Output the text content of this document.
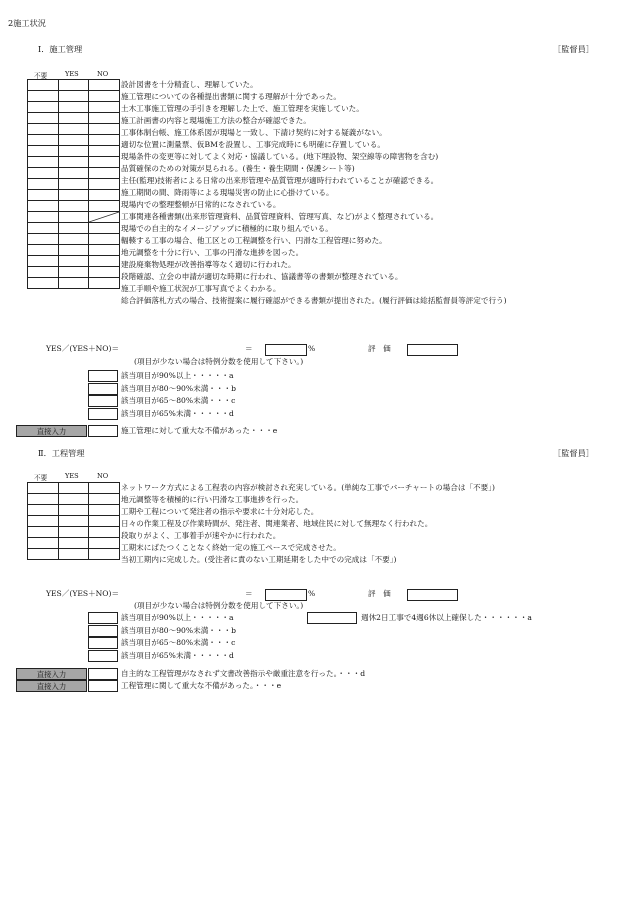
2施工状況
Ⅰ．施工管理	［監督員］
不要	YES	NO

設計図書を十分精査し、理解していた。
施工管理についての各種提出書類に関する理解が十分であった。
土木工事施工管理の手引きを理解した上で、施工管理を実施していた。
施工計画書の内容と現場施工方法の整合が確認できた。
工事体制台帳、施工体系図が現場と一致し、下請け契約に対する疑義がない。
適切な位置に測量票、仮BMを設置し、工事完成時にも明確に存置している。
現場条件の変更等に対してよく対応・協議している。(地下埋設物、架空線等の障害物を含む)
品質確保のための対策が見られる。(養生・養生期間・保護シート等)
主任(監理)技術者による日常の出来形管理や品質管理が適時行われていることが確認できる。
施工期間の間、降雨等による現場災害の防止に心掛けている。
現場内での整理整頓が日常的になされている。
工事関連各種書類(出来形管理資料、品質管理資料、管理写真、など)がよく整理されている。
現場での自主的なイメージアップに積極的に取り組んでいる。
輻輳する工事の場合、他工区との工程調整を行い、円滑な工程管理に努めた。
地元調整を十分に行い、工事の円滑な進捗を図った。
建設廃棄物処理が改善指導等なく適切に行われた。
段階確認、立会の申請が適切な時期に行われ、協議書等の書類が整理されている。
施工手順や施工状況が工事写真でよくわかる。
総合評価落札方式の場合、技術提案に履行確認ができる書類が提出された。(履行評価は総括監督員等評定で行う)
YES／(YES＋NO)＝	＝	%	評　価
(項目が少ない場合は特例分数を使用して下さい。)
該当項目が90%以上・・・・・a
該当項目が80～90%未満・・・b
該当項目が65～80%未満・・・c
該当項目が65%未満・・・・・d
直接入力	施工管理に対して重大な不備があった・・・e
Ⅱ．工程管理	［監督員］
不要	YES	NO

ネットワーク方式による工程表の内容が検討され充実している。(単純な工事でバーチャートの場合は「不要」)
地元調整等を積極的に行い円滑な工事進捗を行った。
工期や工程について発注者の指示や要求に十分対応した。
日々の作業工程及び作業時間が、発注者、関連業者、地域住民に対して無理なく行われた。
段取りがよく、工事着手が速やかに行われた。
工期末にばたつくことなく終始一定の施工ペースで完成させた。
当初工期内に完成した。(受注者に責のない工期延期をした中での完成は「不要」)
YES／(YES＋NO)＝	＝	%	評　価
(項目が少ない場合は特例分数を使用して下さい。)
該当項目が90%以上・・・・・a
該当項目が80～90%未満・・・b
該当項目が65～80%未満・・・c
該当項目が65%未満・・・・・d
週休2日工事で4週6休以上確保した・・・・・・a
直接入力	自主的な工程管理がなされず文書改善指示や厳重注意を行った。・・・d
直接入力	工程管理に関して重大な不備があった。・・・e
